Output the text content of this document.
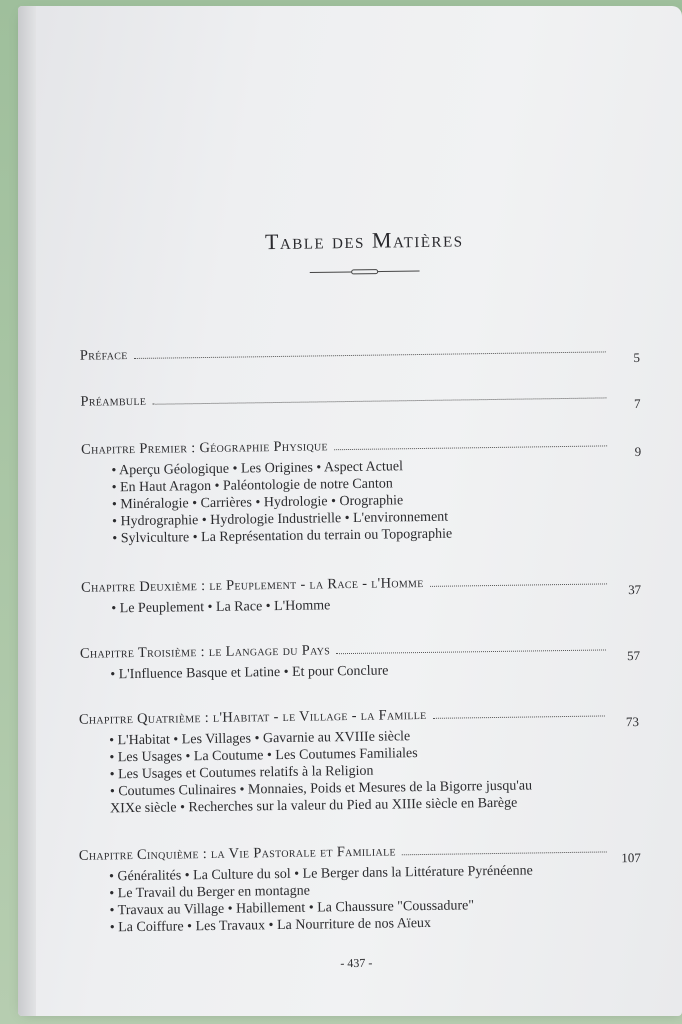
Table des Matières
Préface	5
Préambule	7
Chapitre Premier : Géographie Physique	9
• Aperçu Géologique • Les Origines • Aspect Actuel
• En Haut Aragon • Paléontologie de notre Canton
• Minéralogie • Carrières • Hydrologie • Orographie
• Hydrographie • Hydrologie Industrielle • L'environnement
• Sylviculture • La Représentation du terrain ou Topographie
Chapitre Deuxième : le Peuplement - la Race - l'Homme	37
• Le Peuplement • La Race • L'Homme
Chapitre Troisième : le Langage du Pays	57
• L'Influence Basque et Latine • Et pour Conclure
Chapitre Quatrième : l'Habitat - le Village - la Famille	73
• L'Habitat • Les Villages • Gavarnie au XVIIIe siècle
• Les Usages • La Coutume • Les Coutumes Familiales
• Les Usages et Coutumes relatifs à la Religion
• Coutumes Culinaires • Monnaies, Poids et Mesures de la Bigorre jusqu'au
XIXe siècle • Recherches sur la valeur du Pied au XIIIe siècle en Barège
Chapitre Cinquième : la Vie Pastorale et Familiale	107
• Généralités • La Culture du sol • Le Berger dans la Littérature Pyrénéenne
• Le Travail du Berger en montagne
• Travaux au Village • Habillement • La Chaussure "Coussadure"
• La Coiffure • Les Travaux • La Nourriture de nos Aïeux
- 437 -
